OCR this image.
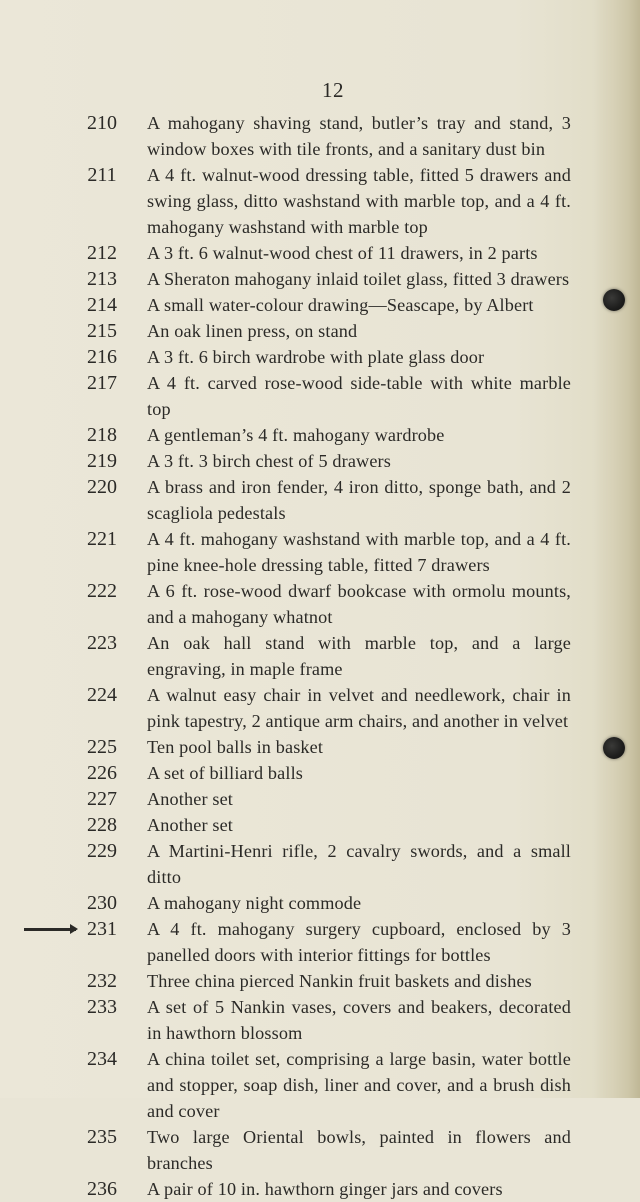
12
210	A mahogany shaving stand, butler’s tray and stand, 3 window boxes with tile fronts, and a sanitary dust bin
211	A 4 ft. walnut-wood dressing table, fitted 5 drawers and swing glass, ditto washstand with marble top, and a 4 ft. mahogany washstand with marble top
212	A 3 ft. 6 walnut-wood chest of 11 drawers, in 2 parts
213	A Sheraton mahogany inlaid toilet glass, fitted 3 drawers
214	A small water-colour drawing—Seascape, by Albert
215	An oak linen press, on stand
216	A 3 ft. 6 birch wardrobe with plate glass door
217	A 4 ft. carved rose-wood side-table with white marble top
218	A gentleman’s 4 ft. mahogany wardrobe
219	A 3 ft. 3 birch chest of 5 drawers
220	A brass and iron fender, 4 iron ditto, sponge bath, and 2 scagliola pedestals
221	A 4 ft. mahogany washstand with marble top, and a 4 ft. pine knee-hole dressing table, fitted 7 drawers
222	A 6 ft. rose-wood dwarf bookcase with ormolu mounts, and a mahogany whatnot
223	An oak hall stand with marble top, and a large engraving, in maple frame
224	A walnut easy chair in velvet and needlework, chair in pink tapestry, 2 antique arm chairs, and another in velvet
225	Ten pool balls in basket
226	A set of billiard balls
227	Another set
228	Another set
229	A Martini-Henri rifle, 2 cavalry swords, and a small ditto
230	A mahogany night commode
231	A 4 ft. mahogany surgery cupboard, enclosed by 3 panelled doors with interior fittings for bottles
232	Three china pierced Nankin fruit baskets and dishes
233	A set of 5 Nankin vases, covers and beakers, decorated in hawthorn blossom
234	A china toilet set, comprising a large basin, water bottle and stopper, soap dish, liner and cover, and a brush dish and cover
235	Two large Oriental bowls, painted in flowers and branches
236	A pair of 10 in. hawthorn ginger jars and covers
